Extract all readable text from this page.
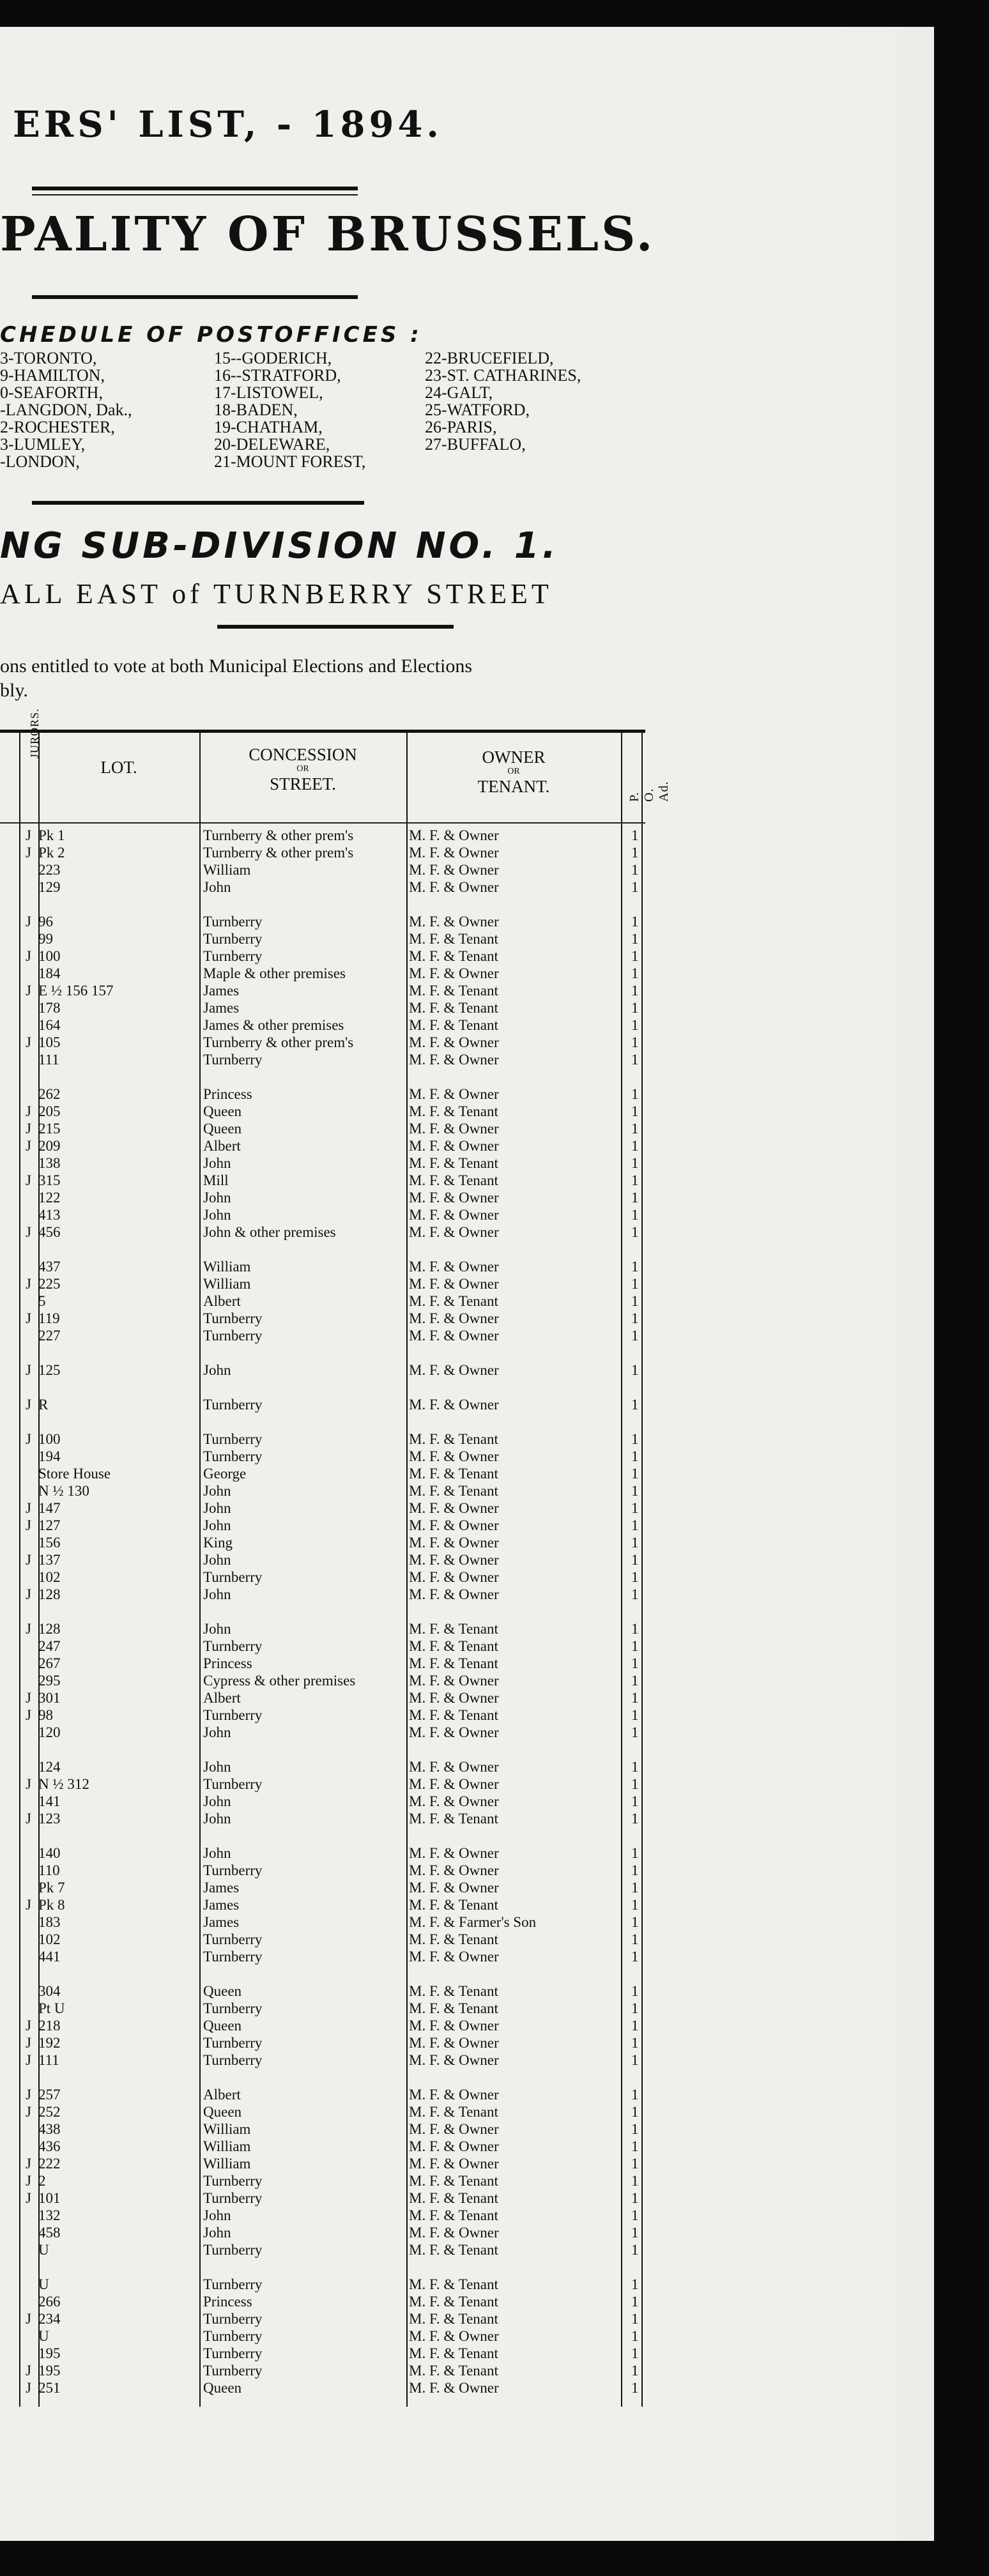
ERS' LIST, - 1894.
PALITY OF BRUSSELS.
CHEDULE OF POSTOFFICES :
3-TORONTO,
9-HAMILTON,
0-SEAFORTH,
-LANGDON, Dak.,
2-ROCHESTER,
3-LUMLEY,
-LONDON,
15--GODERICH,
16--STRATFORD,
17-LISTOWEL,
18-BADEN,
19-CHATHAM,
20-DELEWARE,
21-MOUNT FOREST,
22-BRUCEFIELD,
23-ST. CATHARINES,
24-GALT,
25-WATFORD,
26-PARIS,
27-BUFFALO,
NG SUB-DIVISION NO. 1.
ALL EAST of TURNBERRY STREET
ons entitled to vote at both Municipal Elections and Elections
bly.
JURORS.
LOT.
CONCESSION
OR
STREET.
OWNER
OR
TENANT.
P. O. Ad.
J Pk 1	Turnberry & other prem's	M. F. & Owner	1
J Pk 2	Turnberry & other prem's	M. F. & Owner	1
223	William	M. F. & Owner	1
129	John	M. F. & Owner	1
J 96	Turnberry	M. F. & Owner	1
99	Turnberry	M. F. & Tenant	1
J 100	Turnberry	M. F. & Tenant	1
184	Maple & other premises	M. F. & Owner	1
J E ½ 156 157	James	M. F. & Tenant	1
178	James	M. F. & Tenant	1
164	James & other premises	M. F. & Tenant	1
J 105	Turnberry & other prem's	M. F. & Owner	1
111	Turnberry	M. F. & Owner	1
262	Princess	M. F. & Owner	1
J 205	Queen	M. F. & Tenant	1
J 215	Queen	M. F. & Owner	1
J 209	Albert	M. F. & Owner	1
138	John	M. F. & Tenant	1
J 315	Mill	M. F. & Tenant	1
122	John	M. F. & Owner	1
413	John	M. F. & Owner	1
J 456	John & other premises	M. F. & Owner	1
437	William	M. F. & Owner	1
J 225	William	M. F. & Owner	1
5	Albert	M. F. & Tenant	1
J 119	Turnberry	M. F. & Owner	1
227	Turnberry	M. F. & Owner	1
J 125	John	M. F. & Owner	1
J R	Turnberry	M. F. & Owner	1
J 100	Turnberry	M. F. & Tenant	1
194	Turnberry	M. F. & Owner	1
Store House	George	M. F. & Tenant	1
N ½ 130	John	M. F. & Tenant	1
J 147	John	M. F. & Owner	1
J 127	John	M. F. & Owner	1
156	King	M. F. & Owner	1
J 137	John	M. F. & Owner	1
102	Turnberry	M. F. & Owner	1
J 128	John	M. F. & Owner	1
J 128	John	M. F. & Tenant	1
247	Turnberry	M. F. & Tenant	1
267	Princess	M. F. & Tenant	1
295	Cypress & other premises	M. F. & Owner	1
J 301	Albert	M. F. & Owner	1
J 98	Turnberry	M. F. & Tenant	1
120	John	M. F. & Owner	1
124	John	M. F. & Owner	1
J N ½ 312	Turnberry	M. F. & Owner	1
141	John	M. F. & Owner	1
J 123	John	M. F. & Tenant	1
140	John	M. F. & Owner	1
110	Turnberry	M. F. & Owner	1
Pk 7	James	M. F. & Owner	1
J Pk 8	James	M. F. & Tenant	1
183	James	M. F. & Farmer's Son	1
102	Turnberry	M. F. & Tenant	1
441	Turnberry	M. F. & Owner	1
304	Queen	M. F. & Tenant	1
Pt U	Turnberry	M. F. & Tenant	1
J 218	Queen	M. F. & Owner	1
J 192	Turnberry	M. F. & Owner	1
J 111	Turnberry	M. F. & Owner	1
J 257	Albert	M. F. & Owner	1
J 252	Queen	M. F. & Tenant	1
438	William	M. F. & Owner	1
436	William	M. F. & Owner	1
J 222	William	M. F. & Owner	1
J 2	Turnberry	M. F. & Tenant	1
J 101	Turnberry	M. F. & Tenant	1
132	John	M. F. & Tenant	1
458	John	M. F. & Owner	1
U	Turnberry	M. F. & Tenant	1
U	Turnberry	M. F. & Tenant	1
266	Princess	M. F. & Tenant	1
J 234	Turnberry	M. F. & Tenant	1
U	Turnberry	M. F. & Owner	1
195	Turnberry	M. F. & Tenant	1
J 195	Turnberry	M. F. & Tenant	1
J 251	Queen	M. F. & Owner	1
